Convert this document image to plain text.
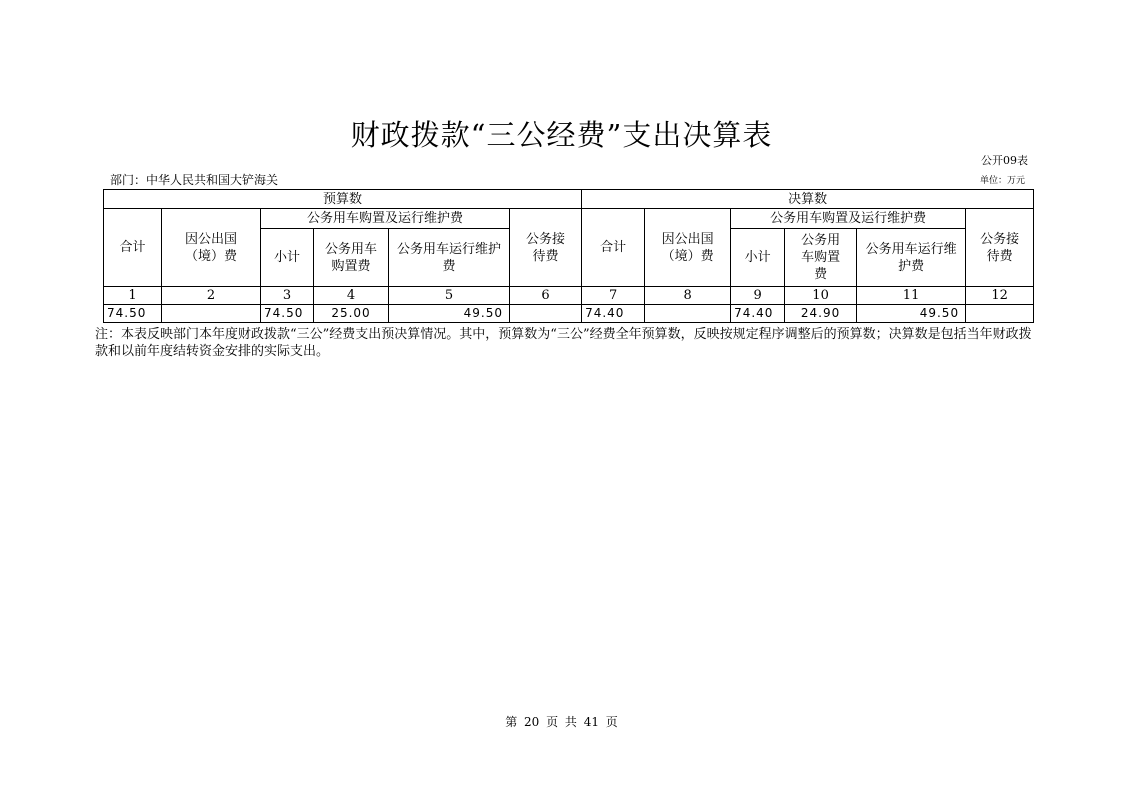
财政拨款“三公经费”支出决算表
公开09表
部门：中华人民共和国大铲海关	单位：万元
预算数						决算数					
合计	因公出国（境）费	公务用车购置及运行维护费			公务接待费	合计	因公出国（境）费	公务用车购置及运行维护费			公务接待费
		小计	公务用车购置费	公务用车运行维护费				小计	公务用车购置费	公务用车运行维护费	
1	2	3	4	5	6	7	8	9	10	11	12
74.50		74.50	25.00	49.50		74.40		74.40	24.90	49.50	
注：本表反映部门本年度财政拨款“三公”经费支出预决算情况。其中，预算数为“三公”经费全年预算数，反映按规定程序调整后的预算数；决算数是包括当年财政拨款和以前年度结转资金安排的实际支出。
第 20 页 共 41 页
